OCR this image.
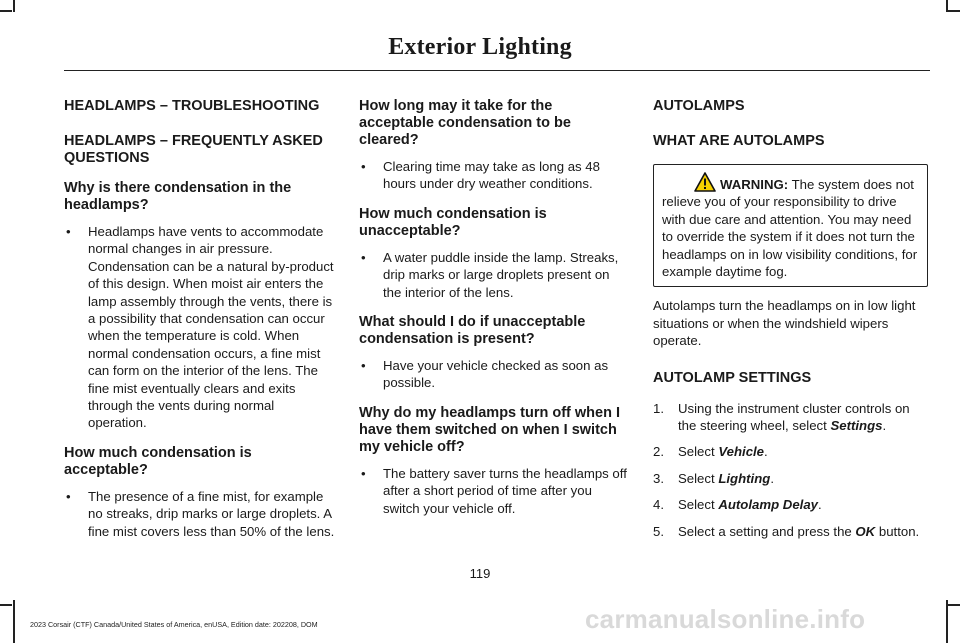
Exterior Lighting
HEADLAMPS – TROUBLESHOOTING
HEADLAMPS – FREQUENTLY ASKED QUESTIONS
Why is there condensation in the headlamps?
• Headlamps have vents to accommodate normal changes in air pressure. Condensation can be a natural by-product of this design. When moist air enters the lamp assembly through the vents, there is a possibility that condensation can occur when the temperature is cold. When normal condensation occurs, a fine mist can form on the interior of the lens. The fine mist eventually clears and exits through the vents during normal operation.
How much condensation is acceptable?
• The presence of a fine mist, for example no streaks, drip marks or large droplets. A fine mist covers less than 50% of the lens.
How long may it take for the acceptable condensation to be cleared?
• Clearing time may take as long as 48 hours under dry weather conditions.
How much condensation is unacceptable?
• A water puddle inside the lamp. Streaks, drip marks or large droplets present on the interior of the lens.
What should I do if unacceptable condensation is present?
• Have your vehicle checked as soon as possible.
Why do my headlamps turn off when I have them switched on when I switch my vehicle off?
• The battery saver turns the headlamps off after a short period of time after you switch your vehicle off.
AUTOLAMPS
WHAT ARE AUTOLAMPS
WARNING: The system does not relieve you of your responsibility to drive with due care and attention. You may need to override the system if it does not turn the headlamps on in low visibility conditions, for example daytime fog.

Autolamps turn the headlamps on in low light situations or when the windshield wipers operate.

AUTOLAMP SETTINGS
1. Using the instrument cluster controls on the steering wheel, select Settings.
2. Select Vehicle.
3. Select Lighting.
4. Select Autolamp Delay.
5. Select a setting and press the OK button.
119
2023 Corsair (CTF) Canada/United States of America, enUSA, Edition date: 202208, DOM	carmanualsonline.info
